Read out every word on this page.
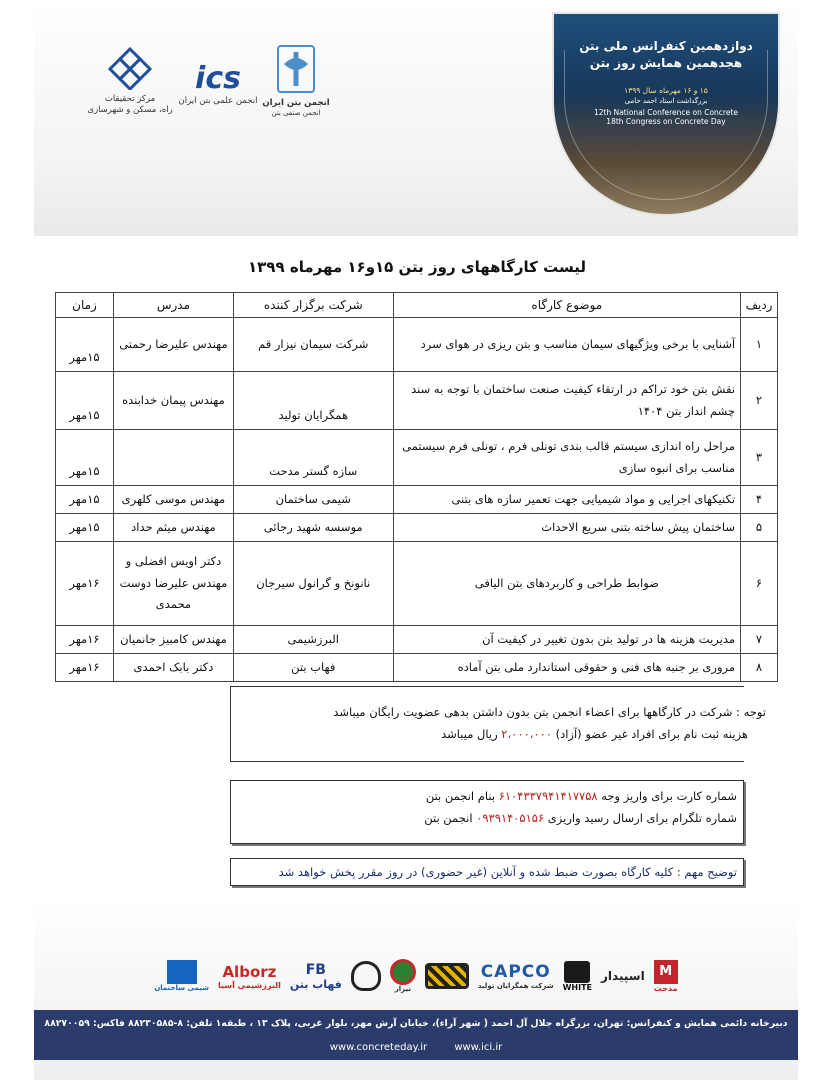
مرکز تحقیقات
راه، مسکن و شهرسازی
ics
انجمن علمی بتن ایران انجمن بتن ایران
انجمن صنفی بتن
دوازدهمین کنفرانس ملی بتن
هجدهمین همایش روز بتن
۱۵ و ۱۶ مهرماه سال ۱۳۹۹
بزرگداشت استاد احمد حامی
12th National Conference on Concrete
18th Congress on Concrete Day
لیست کارگاههای روز بتن ۱۵و۱۶ مهرماه ۱۳۹۹
ردیف	موضوع کارگاه	شرکت برگزار کننده	مدرس	زمان
۱	آشنایی با برخی ویژگیهای سیمان مناسب و بتن ریزی در هوای سرد	شرکت سیمان نیزار قم	مهندس علیرضا رحمتی	۱۵مهر
۲	نقش بتن خود تراکم در ارتقاء کیفیت صنعت ساختمان با توجه به سند چشم انداز بتن ۱۴۰۴	همگرایان تولید	مهندس پیمان خدابنده	۱۵مهر
۳	مراحل راه اندازی سیستم قالب بندی تونلی فرم ، تونلی فرم سیستمی مناسب برای انبوه سازی	سازه گستر مدحت		۱۵مهر
۴	تکنیکهای اجرایی و مواد شیمیایی جهت تعمیر سازه های بتنی	شیمی ساختمان	مهندس موسی کلهری	۱۵مهر
۵	ساختمان پیش ساخته بتنی سریع الاحداث	موسسه شهید رجائی	مهندس میثم حداد	۱۵مهر
۶	ضوابط طراحی و کاربردهای بتن الیافی	نانونخ و گرانول سیرجان	دکتر اویس افضلی و مهندس علیرضا دوست محمدی	۱۶مهر
۷	مدیریت هزینه ها در تولید بتن بدون تغییر در کیفیت آن	البرزشیمی	مهندس کامبیز جانمیان	۱۶مهر
۸	مروری بر جنبه های فنی و حقوقی استاندارد ملی بتن آماده	فهاب بتن	دکتر بابک احمدی	۱۶مهر
توجه : شرکت در کارگاهها برای اعضاء انجمن بتن بدون داشتن بدهی عضویت رایگان میباشد
هزینه ثبت نام برای افراد غیر عضو (آزاد) ۲،۰۰۰،۰۰۰ ریال میباشد
شماره کارت برای واریز وجه ۶۱۰۴۳۳۷۹۴۱۴۱۷۷۵۸ بنام انجمن بتن
شماره تلگرام برای ارسال رسید واریزی ۰۹۳۹۱۴۰۵۱۵۶ انجمن بتن
توضیح مهم : کلیه کارگاه بصورت ضبط شده و آنلاین (غیر حضوری) در روز مقرر پخش خواهد شد
M
مدحت
اسپیدار
WHITE
CAPCO
شرکت همگرایان تولید
نیزار
FB
فهاب بتن
Alborz
البرزشیمی آسیا
شیمی ساختمان
دبیرخانه دائمی همایش و کنفرانس: تهران، بزرگراه جلال آل احمد ( شهر آراء)، خیابان آرش مهر، بلوار غربی، پلاک ۱۳ ، طبقه۱ تلفن: ۸-۸۸۲۳۰۵۸۵ فاکس: ۸۸۲۷۰۰۵۹
www.concreteday.ir	www.ici.ir
